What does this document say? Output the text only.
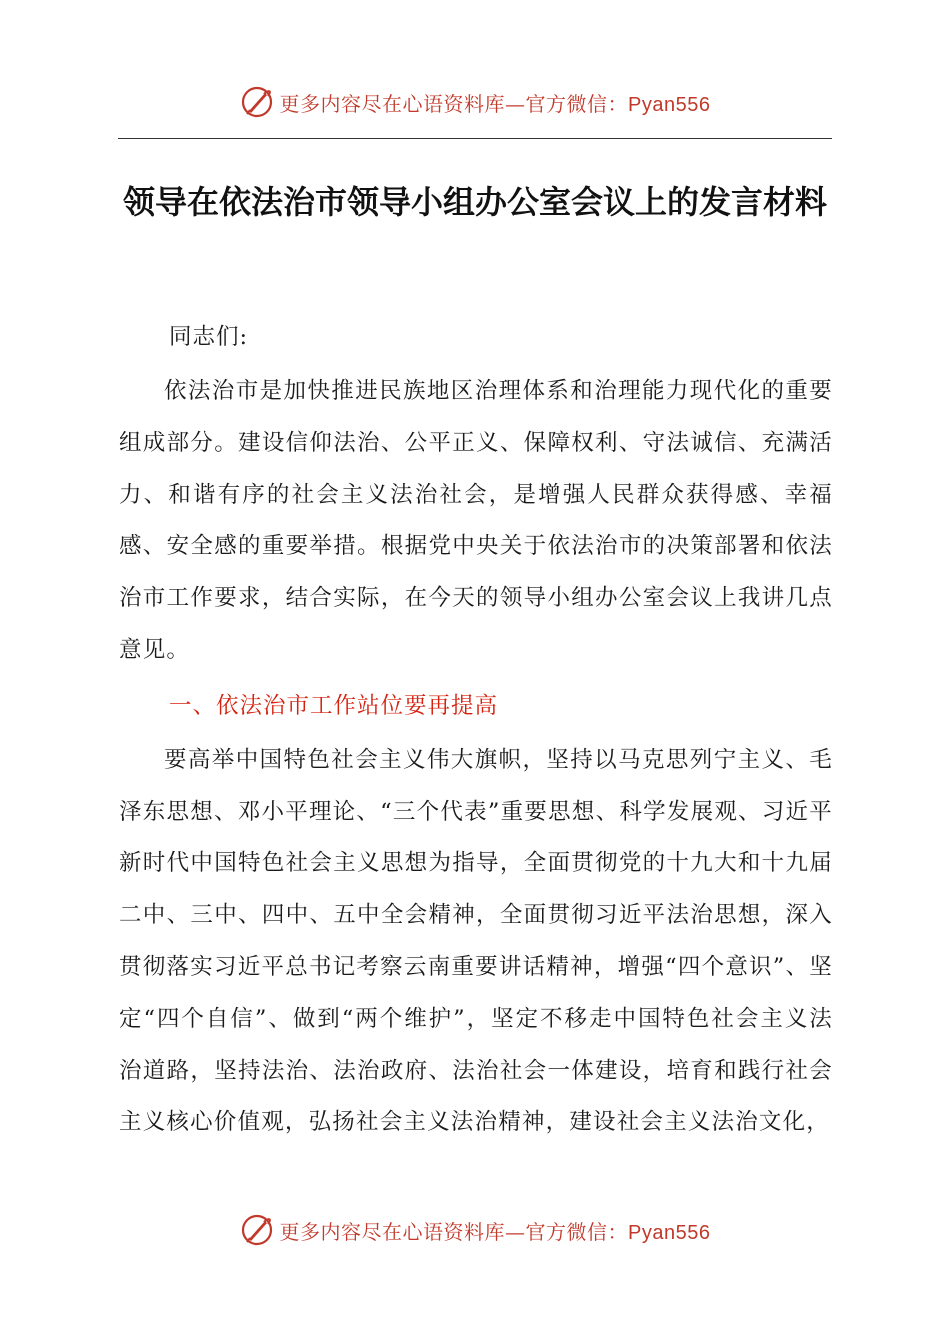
更多内容尽在心语资料库—官方微信：Pyan556
领导在依法治市领导小组办公室会议上的发言材料

同志们:

依法治市是加快推进民族地区治理体系和治理能力现代化的重要组成部分。建设信仰法治、公平正义、保障权利、守法诚信、充满活力、和谐有序的社会主义法治社会，是增强人民群众获得感、幸福感、安全感的重要举措。根据党中央关于依法治市的决策部署和依法治市工作要求，结合实际，在今天的领导小组办公室会议上我讲几点意见。

一、依法治市工作站位要再提高

要高举中国特色社会主义伟大旗帜，坚持以马克思列宁主义、毛泽东思想、邓小平理论、“三个代表”重要思想、科学发展观、习近平新时代中国特色社会主义思想为指导，全面贯彻党的十九大和十九届二中、三中、四中、五中全会精神，全面贯彻习近平法治思想，深入贯彻落实习近平总书记考察云南重要讲话精神，增强“四个意识”、坚定“四个自信”、做到“两个维护”，坚定不移走中国特色社会主义法治道路，坚持法治、法治政府、法治社会一体建设，培育和践行社会主义核心价值观，弘扬社会主义法治精神，建设社会主义法治文化，

更多内容尽在心语资料库—官方微信：Pyan556
